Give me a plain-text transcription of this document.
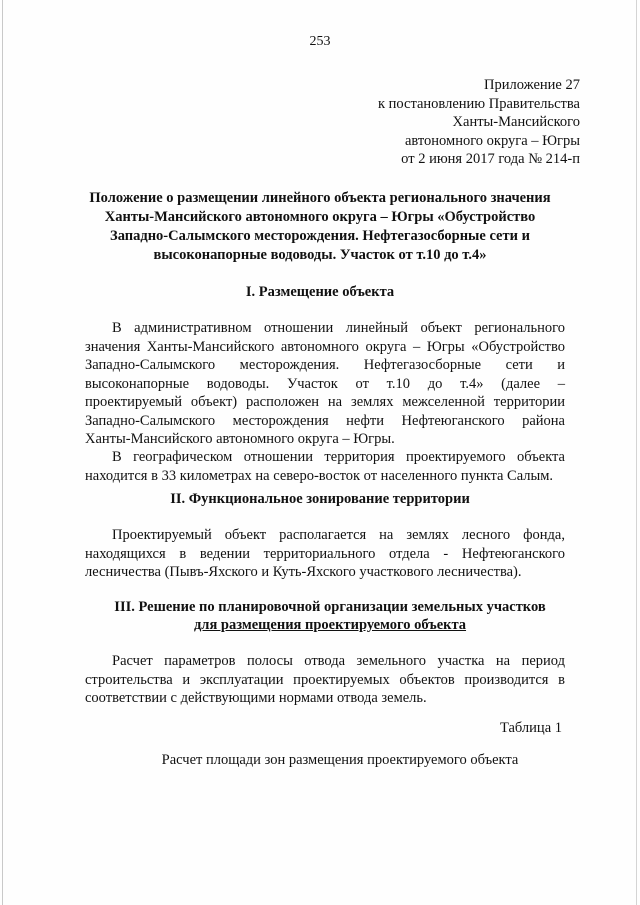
253
Приложение 27
к постановлению Правительства
Ханты-Мансийского
автономного округа – Югры
от 2 июня 2017 года № 214-п
Положение о размещении линейного объекта регионального значения
Ханты-Мансийского автономного округа – Югры «Обустройство
Западно-Салымского месторождения. Нефтегазосборные сети и
высоконапорные водоводы. Участок от т.10 до т.4»
I. Размещение объекта
В административном отношении линейный объект регионального
значения Ханты-Мансийского автономного округа – Югры «Обустройство
Западно-Салымского месторождения. Нефтегазосборные сети и
высоконапорные водоводы. Участок от т.10 до т.4» (далее –
проектируемый объект) расположен на землях межселенной территории
Западно-Салымского месторождения нефти Нефтеюганского района
Ханты-Мансийского автономного округа – Югры.
В географическом отношении территория проектируемого объекта
находится в 33 километрах на северо-восток от населенного пункта Салым.
II. Функциональное зонирование территории
Проектируемый объект располагается на землях лесного фонда,
находящихся в ведении территориального отдела - Нефтеюганского
лесничества (Пывъ-Яхского и Куть-Яхского участкового лесничества).
III. Решение по планировочной организации земельных участков
для размещения проектируемого объекта
Расчет параметров полосы отвода земельного участка на период
строительства и эксплуатации проектируемых объектов производится в
соответствии с действующими нормами отвода земель.
Таблица 1
Расчет площади зон размещения проектируемого объекта
